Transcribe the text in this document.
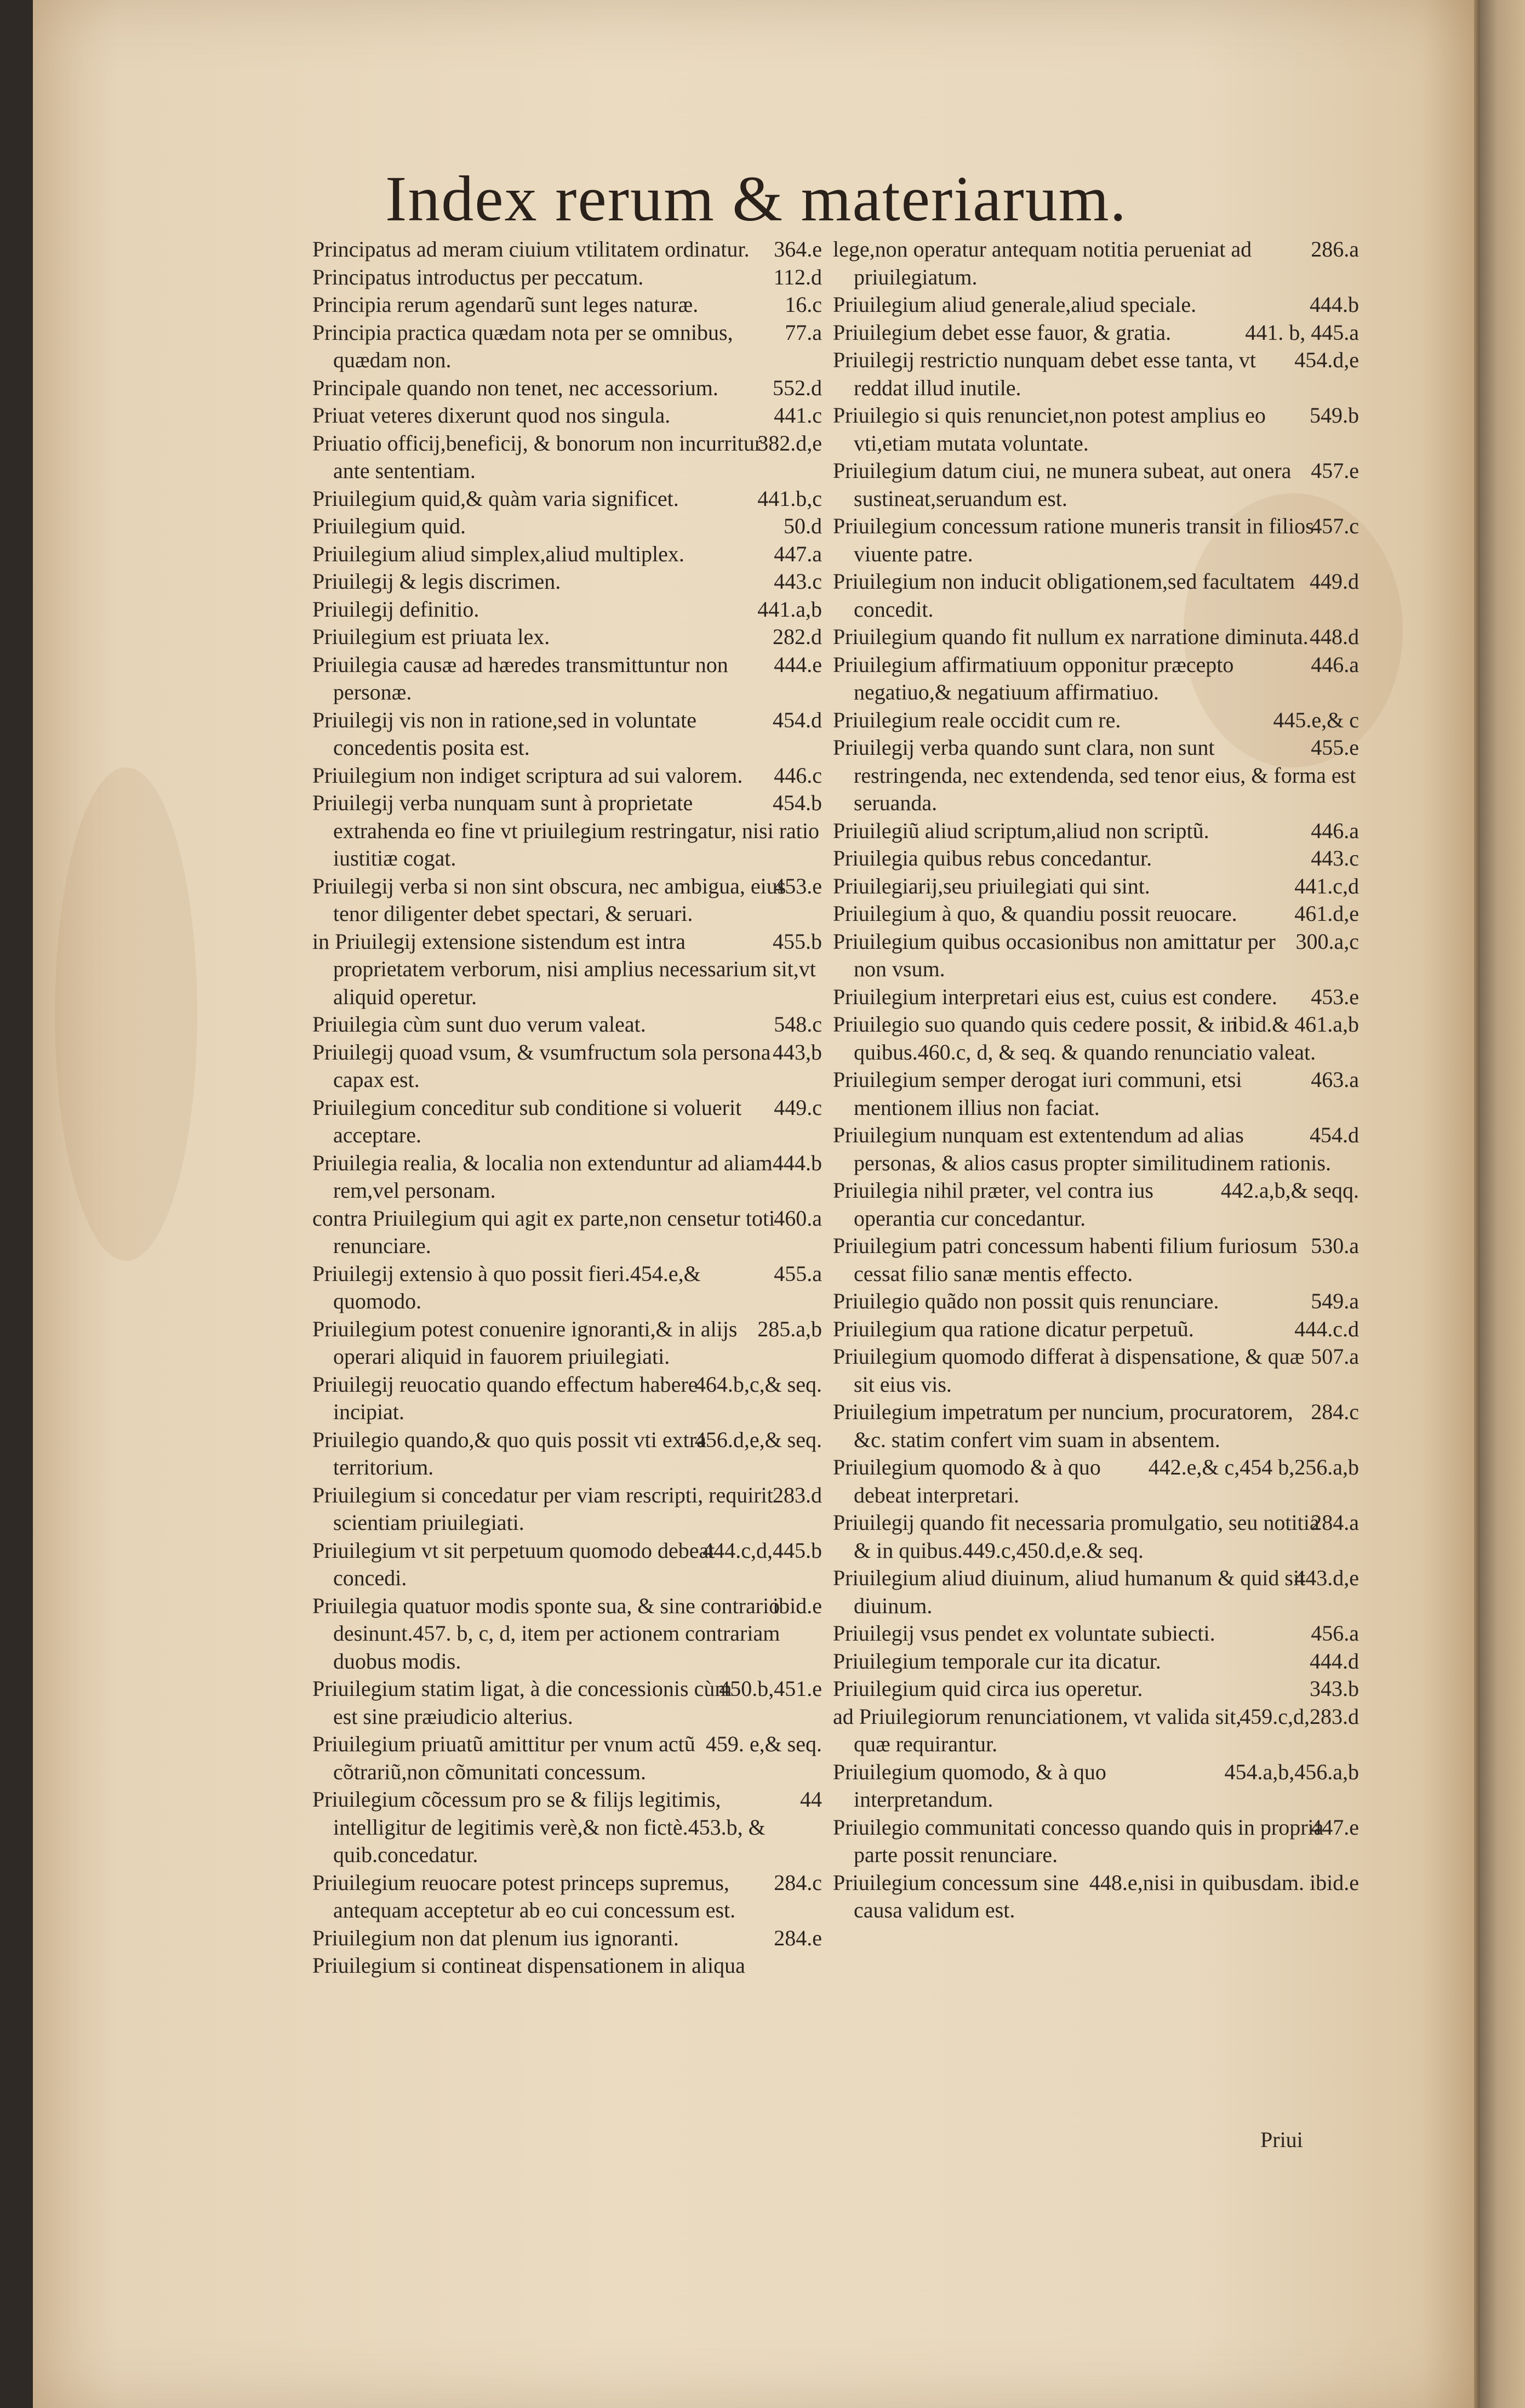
Index rerum & materiarum.

364.e
Principatus ad meram ciuium vtilitatem ordinatur.

112.d
Principatus introductus per peccatum.

16.c
Principia rerum agendarũ sunt leges naturæ.

77.a
Principia practica quædam nota per se omnibus, quædam non.

552.d
Principale quando non tenet, nec accessorium.

441.c
Priuat veteres dixerunt quod nos singula.

382.d,e
Priuatio officij,beneficij, & bonorum non incurritur ante sententiam.

441.b,c
Priuilegium quid,& quàm varia significet.

50.d
Priuilegium quid.

447.a
Priuilegium aliud simplex,aliud multiplex.

443.c
Priuilegij & legis discrimen.

441.a,b
Priuilegij definitio.

282.d
Priuilegium est priuata lex.

444.e
Priuilegia causæ ad hæredes transmittuntur non personæ.

454.d
Priuilegij vis non in ratione,sed in voluntate concedentis posita est.

446.c
Priuilegium non indiget scriptura ad sui valorem.

454.b
Priuilegij verba nunquam sunt à proprietate extrahenda eo fine vt priuilegium restringatur, nisi ratio iustitiæ cogat.

453.e
Priuilegij verba si non sint obscura, nec ambigua, eius tenor diligenter debet spectari, & seruari.

455.b
in Priuilegij extensione sistendum est intra proprietatem verborum, nisi amplius necessarium sit,vt aliquid operetur.

548.c
Priuilegia cùm sunt duo verum valeat.

443,b
Priuilegij quoad vsum, & vsumfructum sola persona capax est.

449.c
Priuilegium conceditur sub conditione si voluerit acceptare.

444.b
Priuilegia realia, & localia non extenduntur ad aliam rem,vel personam.

460.a
contra Priuilegium qui agit ex parte,non censetur toti renunciare.

455.a
Priuilegij extensio à quo possit fieri.454.e,& quomodo.

285.a,b
Priuilegium potest conuenire ignoranti,& in alijs operari aliquid in fauorem priuilegiati.

464.b,c,& seq.
Priuilegij reuocatio quando effectum habere incipiat.

456.d,e,& seq.
Priuilegio quando,& quo quis possit vti extra territorium.

283.d
Priuilegium si concedatur per viam rescripti, requirit scientiam priuilegiati.

444.c,d,445.b
Priuilegium vt sit perpetuum quomodo debeat concedi.

ibid.e
Priuilegia quatuor modis sponte sua, & sine contrario desinunt.457. b, c, d, item per actionem contrariam duobus modis.

450.b,451.e
Priuilegium statim ligat, à die concessionis cùm est sine præiudicio alterius.

459. e,& seq.
Priuilegium priuatũ amittitur per vnum actũ cõtrariũ,non cõmunitati concessum.

44
Priuilegium cõcessum pro se & filijs legitimis, intelligitur de legitimis verè,& non fictè.453.b, & quib.concedatur.

284.c
Priuilegium reuocare potest princeps supremus, antequam acceptetur ab eo cui concessum est.

284.e
Priuilegium non dat plenum ius ignoranti.

Priuilegium si contineat dispensationem in aliqua

286.a
lege,non operatur antequam notitia perueniat ad priuilegiatum.

444.b
Priuilegium aliud generale,aliud speciale.

441. b, 445.a
Priuilegium debet esse fauor, & gratia.

454.d,e
Priuilegij restrictio nunquam debet esse tanta, vt reddat illud inutile.

549.b
Priuilegio si quis renunciet,non potest amplius eo vti,etiam mutata voluntate.

457.e
Priuilegium datum ciui, ne munera subeat, aut onera sustineat,seruandum est.

457.c
Priuilegium concessum ratione muneris transit in filios viuente patre.

449.d
Priuilegium non inducit obligationem,sed facultatem concedit.

448.d
Priuilegium quando fit nullum ex narratione diminuta.

446.a
Priuilegium affirmatiuum opponitur præcepto negatiuo,& negatiuum affirmatiuo.

445.e,& c
Priuilegium reale occidit cum re.

455.e
Priuilegij verba quando sunt clara, non sunt restringenda, nec extendenda, sed tenor eius, & forma est seruanda.

446.a
Priuilegiũ aliud scriptum,aliud non scriptũ.

443.c
Priuilegia quibus rebus concedantur.

441.c,d
Priuilegiarij,seu priuilegiati qui sint.

461.d,e
Priuilegium à quo, & quandiu possit reuocare.

300.a,c
Priuilegium quibus occasionibus non amittatur per non vsum.

453.e
Priuilegium interpretari eius est, cuius est condere.

ibid.& 461.a,b
Priuilegio suo quando quis cedere possit, & in quibus.460.c, d, & seq. & quando renunciatio valeat.

463.a
Priuilegium semper derogat iuri communi, etsi mentionem illius non faciat.

454.d
Priuilegium nunquam est extentendum ad alias personas, & alios casus propter similitudinem rationis.

442.a,b,& seqq.
Priuilegia nihil præter, vel contra ius operantia cur concedantur.

530.a
Priuilegium patri concessum habenti filium furiosum cessat filio sanæ mentis effecto.

549.a
Priuilegio quãdo non possit quis renunciare.

444.c.d
Priuilegium qua ratione dicatur perpetuũ.

507.a
Priuilegium quomodo differat à dispensatione, & quæ sit eius vis.

284.c
Priuilegium impetratum per nuncium, procuratorem, &c. statim confert vim suam in absentem.

442.e,& c,454 b,256.a,b
Priuilegium quomodo & à quo debeat interpretari.

284.a
Priuilegij quando fit necessaria promulgatio, seu notitia & in quibus.449.c,450.d,e.& seq.

443.d,e
Priuilegium aliud diuinum, aliud humanum & quid sit diuinum.

456.a
Priuilegij vsus pendet ex voluntate subiecti.

444.d
Priuilegium temporale cur ita dicatur.

343.b
Priuilegium quid circa ius operetur.

459.c,d,283.d
ad Priuilegiorum renunciationem, vt valida sit, quæ requirantur.

454.a,b,456.a,b
Priuilegium quomodo, & à quo interpretandum.

447.e
Priuilegio communitati concesso quando quis in propria parte possit renunciare.

448.e,nisi in quibusdam. ibid.e
Priuilegium concessum sine causa validum est.

Priui
